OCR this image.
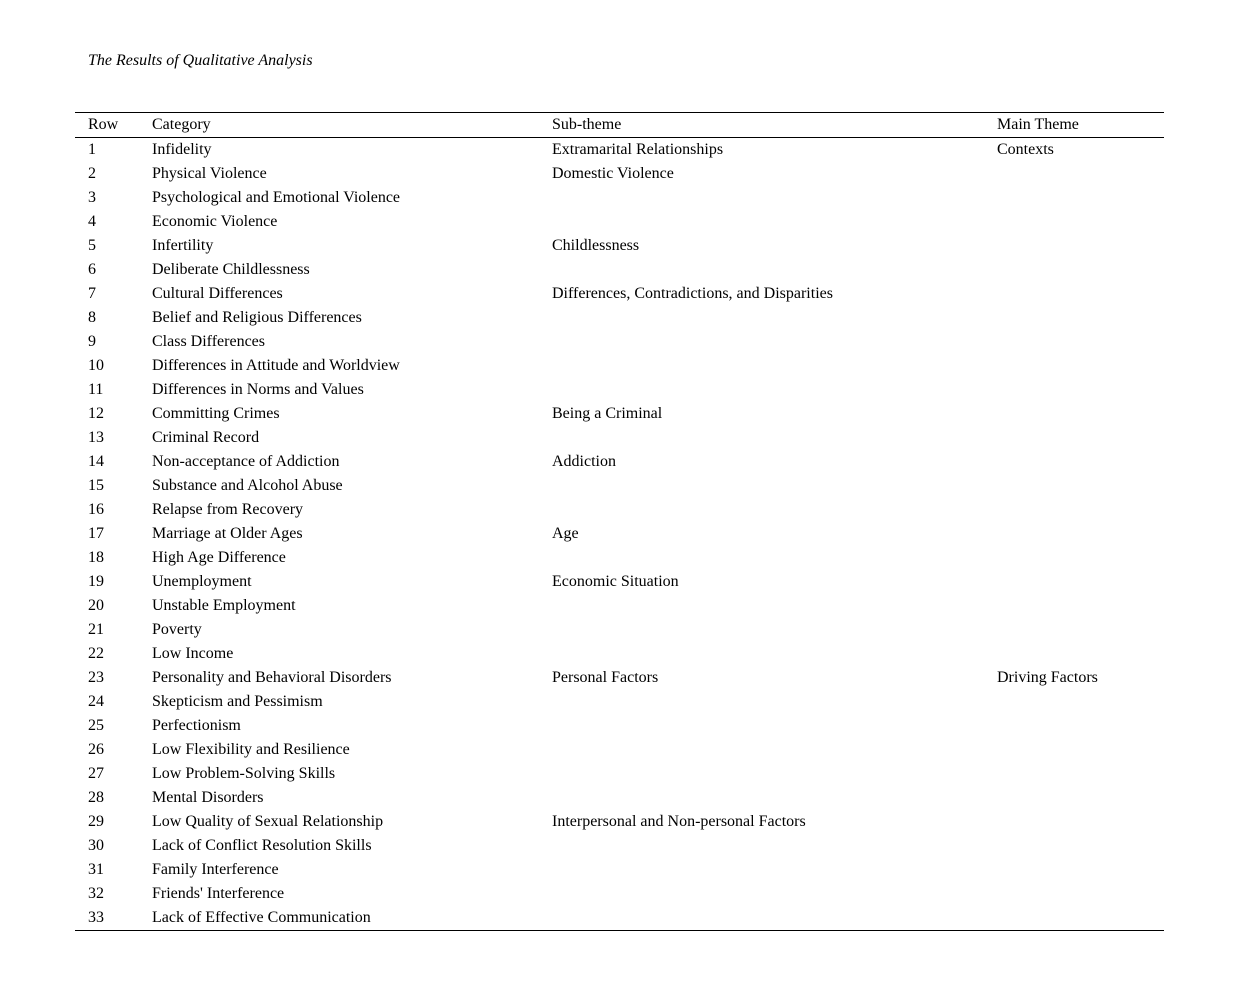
The Results of Qualitative Analysis
Row	Category	Sub-theme	Main Theme
1	Infidelity	Extramarital Relationships	Contexts
2	Physical Violence	Domestic Violence	
3	Psychological and Emotional Violence		
4	Economic Violence		
5	Infertility	Childlessness	
6	Deliberate Childlessness		
7	Cultural Differences	Differences, Contradictions, and Disparities	
8	Belief and Religious Differences		
9	Class Differences		
10	Differences in Attitude and Worldview		
11	Differences in Norms and Values		
12	Committing Crimes	Being a Criminal	
13	Criminal Record		
14	Non-acceptance of Addiction	Addiction	
15	Substance and Alcohol Abuse		
16	Relapse from Recovery		
17	Marriage at Older Ages	Age	
18	High Age Difference		
19	Unemployment	Economic Situation	
20	Unstable Employment		
21	Poverty		
22	Low Income		
23	Personality and Behavioral Disorders	Personal Factors	Driving Factors
24	Skepticism and Pessimism		
25	Perfectionism		
26	Low Flexibility and Resilience		
27	Low Problem-Solving Skills		
28	Mental Disorders		
29	Low Quality of Sexual Relationship	Interpersonal and Non-personal Factors	
30	Lack of Conflict Resolution Skills		
31	Family Interference		
32	Friends' Interference		
33	Lack of Effective Communication		
